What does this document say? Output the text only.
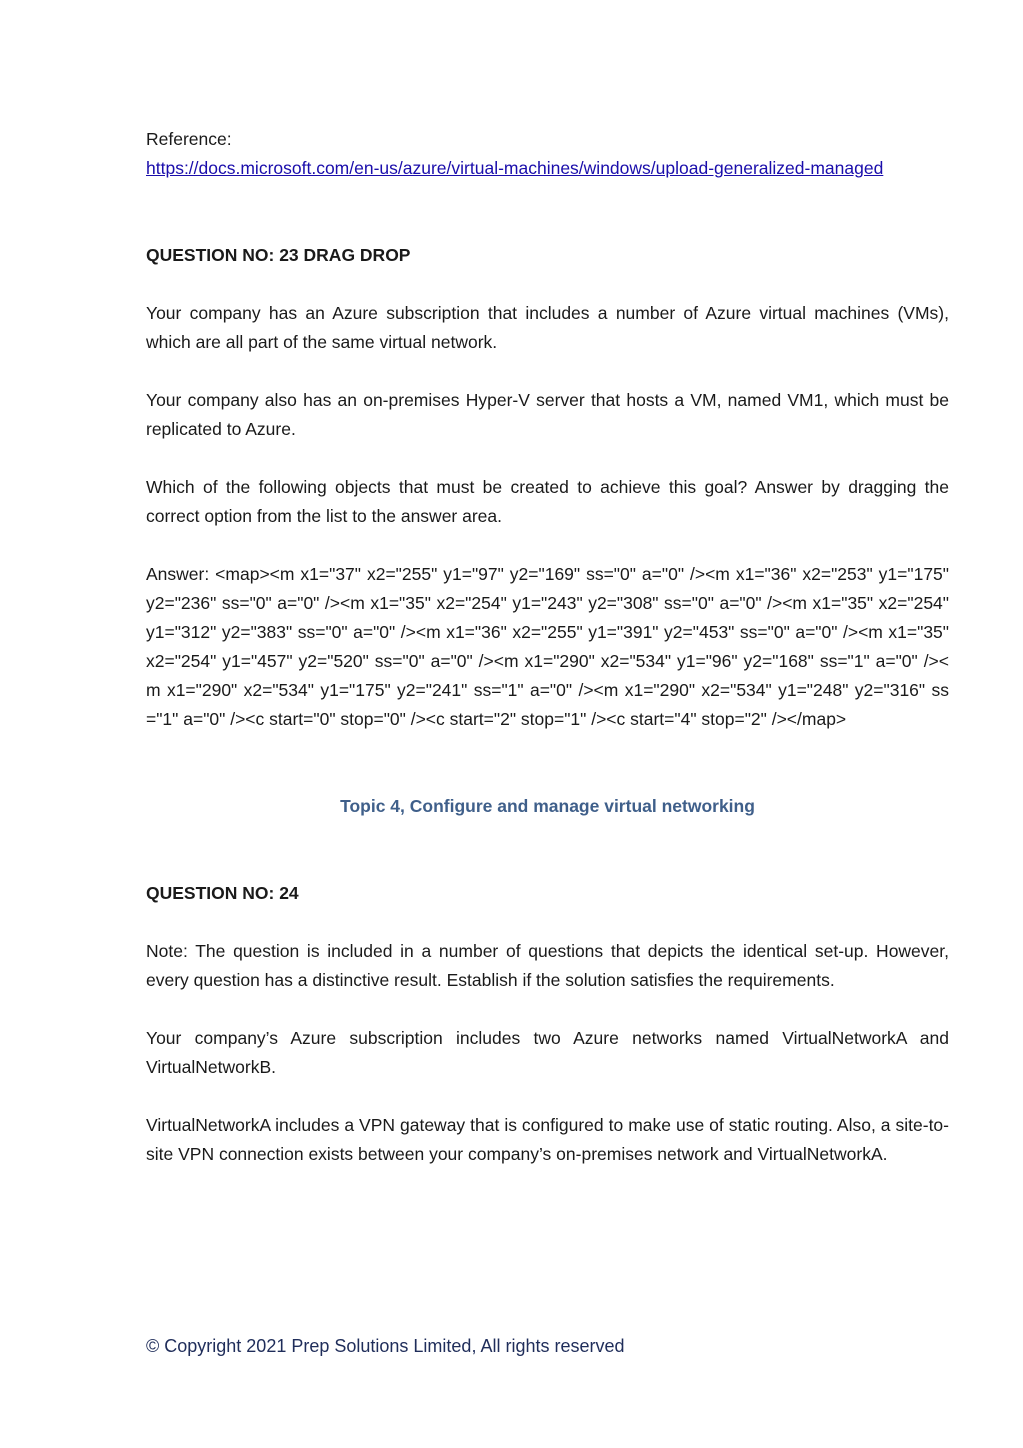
Reference:

https://docs.microsoft.com/en-us/azure/virtual-machines/windows/upload-generalized-managed

QUESTION NO: 23 DRAG DROP

Your company has an Azure subscription that includes a number of Azure virtual machines (VMs), which are all part of the same virtual network.

Your company also has an on-premises Hyper-V server that hosts a VM, named VM1, which must be replicated to Azure.

Which of the following objects that must be created to achieve this goal? Answer by dragging the correct option from the list to the answer area.

Answer: <map><m x1="37" x2="255" y1="97" y2="169" ss="0" a="0" /><m x1="36" x2="253" y1="175" y2="236" ss="0" a="0" /><m x1="35" x2="254" y1="243" y2="308" ss="0" a="0" /><m x1="35" x2="254" y1="312" y2="383" ss="0" a="0" /><m x1="36" x2="255" y1="391" y2="453" ss="0" a="0" /><m x1="35" x2="254" y1="457" y2="520" ss="0" a="0" /><m x1="290" x2="534" y1="96" y2="168" ss="1" a="0" /><m x1="290" x2="534" y1="175" y2="241" ss="1" a="0" /><m x1="290" x2="534" y1="248" y2="316" ss="1" a="0" /><c start="0" stop="0" /><c start="2" stop="1" /><c start="4" stop="2" /></map>

Topic 4, Configure and manage virtual networking

QUESTION NO: 24

Note: The question is included in a number of questions that depicts the identical set-up. However, every question has a distinctive result. Establish if the solution satisfies the requirements.

Your company’s Azure subscription includes two Azure networks named VirtualNetworkA and VirtualNetworkB.

VirtualNetworkA includes a VPN gateway that is configured to make use of static routing. Also, a site-to-site VPN connection exists between your company’s on-premises network and VirtualNetworkA.

© Copyright 2021 Prep Solutions Limited, All rights reserved
